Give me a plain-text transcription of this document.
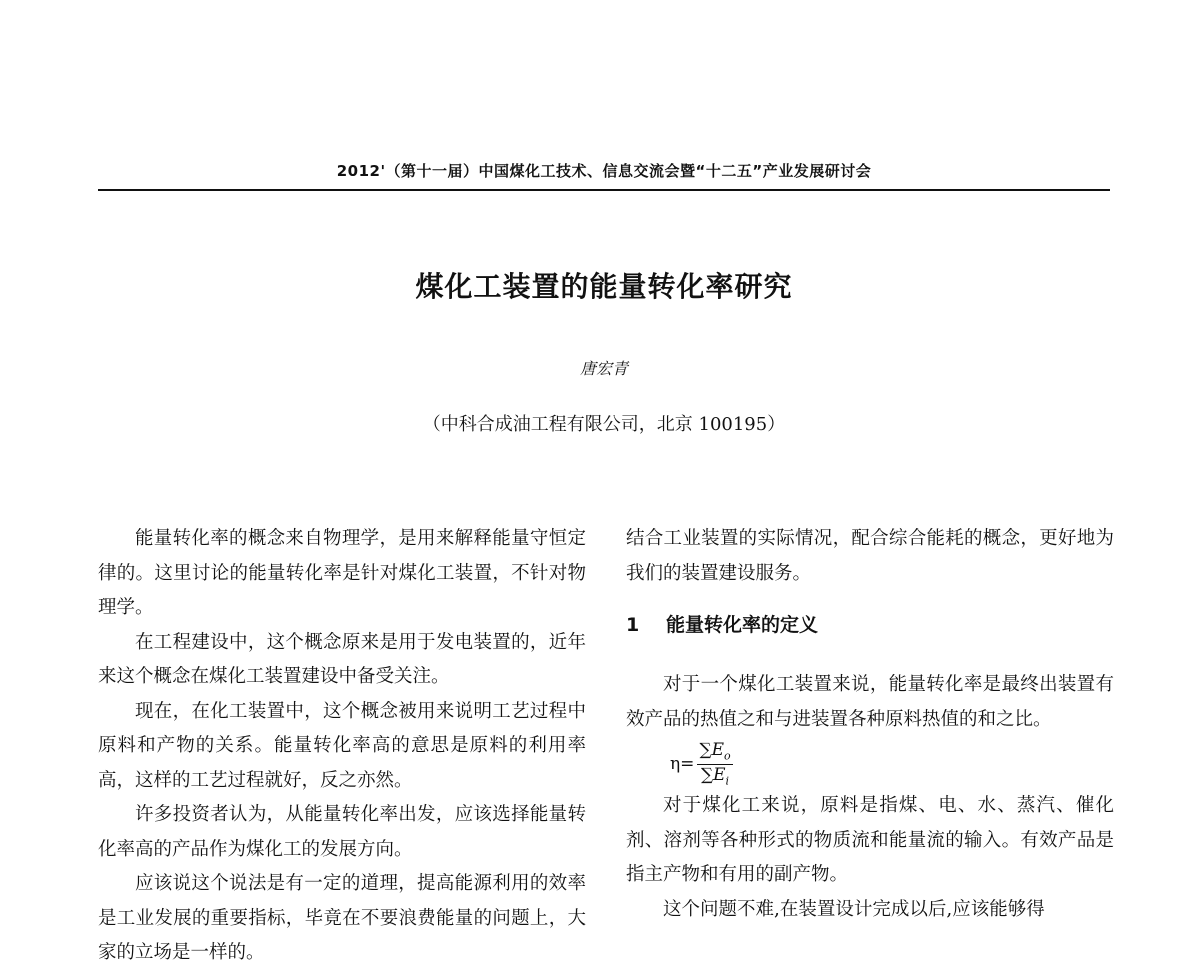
2012'（第十一届）中国煤化工技术、信息交流会暨“十二五”产业发展研讨会
煤化工装置的能量转化率研究
唐宏青
（中科合成油工程有限公司，北京 100195）

能量转化率的概念来自物理学，是用来解释能量守恒定律的。这里讨论的能量转化率是针对煤化工装置，不针对物理学。

在工程建设中，这个概念原来是用于发电装置的，近年来这个概念在煤化工装置建设中备受关注。

现在，在化工装置中，这个概念被用来说明工艺过程中原料和产物的关系。能量转化率高的意思是原料的利用率高，这样的工艺过程就好，反之亦然。

许多投资者认为，从能量转化率出发，应该选择能量转化率高的产品作为煤化工的发展方向。

应该说这个说法是有一定的道理，提高能源利用的效率是工业发展的重要指标，毕竟在不要浪费能量的问题上，大家的立场是一样的。

结合工业装置的实际情况，配合综合能耗的概念，更好地为我们的装置建设服务。

1 能量转化率的定义

对于一个煤化工装置来说，能量转化率是最终出装置有效产品的热值之和与进装置各种原料热值的和之比。

$\eta= \frac{\sum E_o}{\sum E_i}$

对于煤化工来说，原料是指煤、电、水、蒸汽、催化剂、溶剂等各种形式的物质流和能量流的输入。有效产品是指主产物和有用的副产物。

这个问题不难,在装置设计完成以后,应该能够得
